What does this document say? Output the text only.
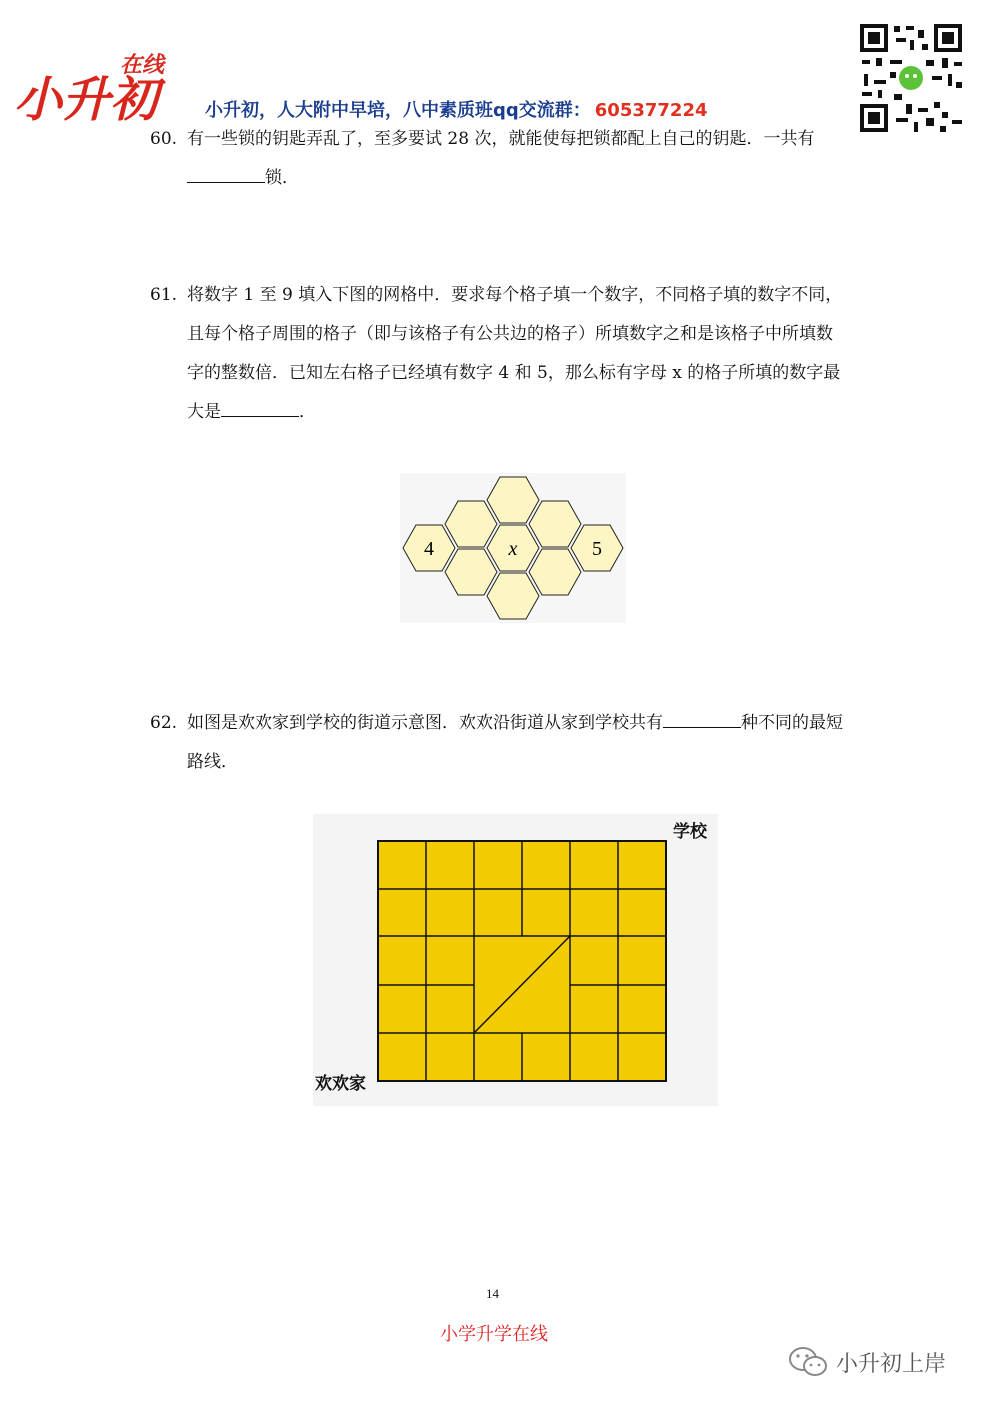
小升初
在线
小升初，人大附中早培，八中素质班qq交流群： 605377224
60. 有一些锁的钥匙弄乱了，至多要试 28 次，就能使每把锁都配上自己的钥匙．一共有锁．
61. 将数字 1 至 9 填入下图的网格中．要求每个格子填一个数字，不同格子填的数字不同，且每个格子周围的格子（即与该格子有公共边的格子）所填数字之和是该格子中所填数字的整数倍．已知左右格子已经填有数字 4 和 5，那么标有字母 x 的格子所填的数字最大是	．
4	x	5
62. 如图是欢欢家到学校的街道示意图．欢欢沿街道从家到学校共有	种不同的最短路线．
学校
欢欢家
14
小学升学在线
小升初上岸
